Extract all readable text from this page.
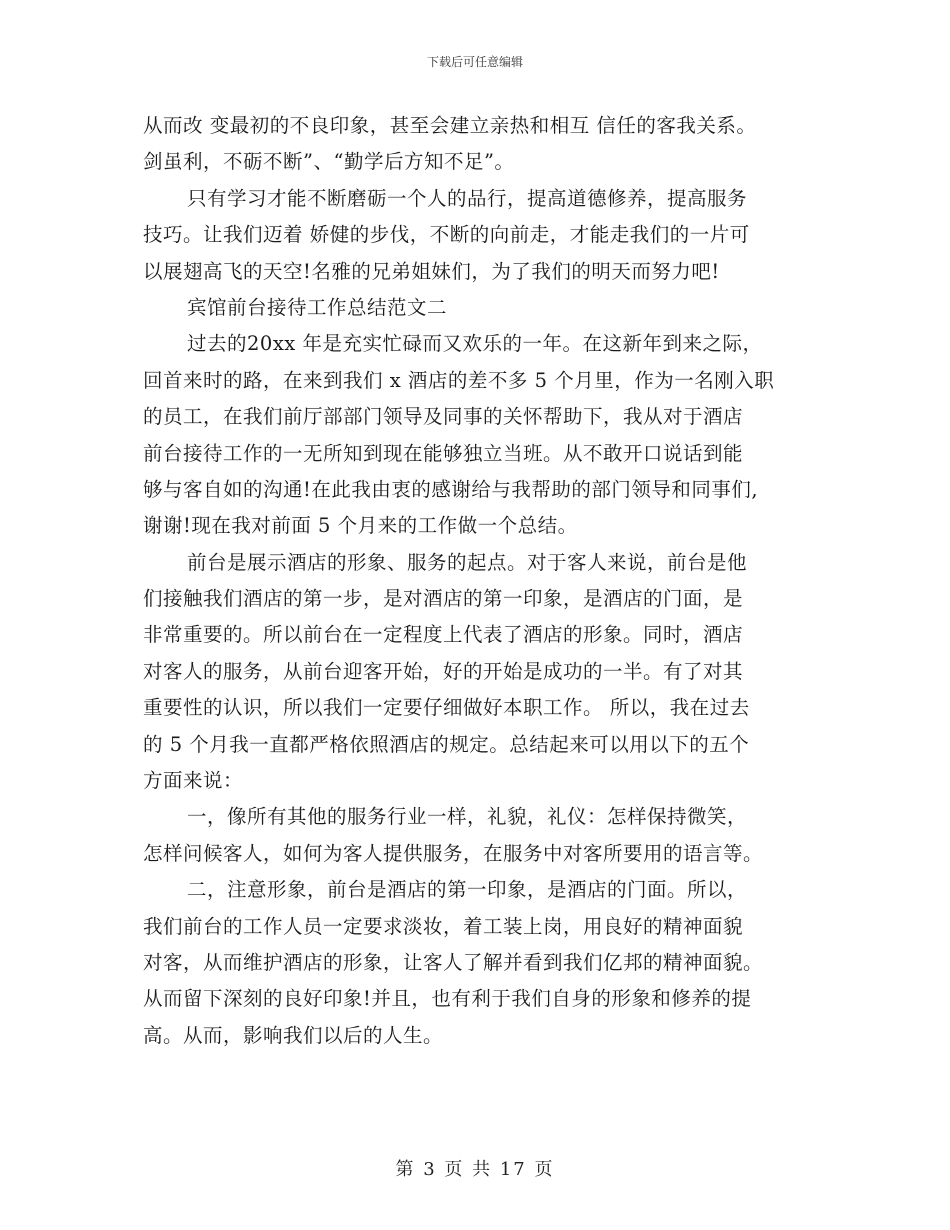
下载后可任意编辑
从而改 变最初的不良印象，甚至会建立亲热和相互 信任的客我关系。
剑虽利，不砺不断”、“勤学后方知不足”。
只有学习才能不断磨砺一个人的品行，提高道德修养，提高服务
技巧。让我们迈着 娇健的步伐，不断的向前走，才能走我们的一片可
以展翅高飞的天空!名雅的兄弟姐妹们，为了我们的明天而努力吧!
宾馆前台接待工作总结范文二
过去的20xx 年是充实忙碌而又欢乐的一年。在这新年到来之际，
回首来时的路，在来到我们 x 酒店的差不多 5 个月里，作为一名刚入职
的员工，在我们前厅部部门领导及同事的关怀帮助下，我从对于酒店
前台接待工作的一无所知到现在能够独立当班。从不敢开口说话到能
够与客自如的沟通!在此我由衷的感谢给与我帮助的部门领导和同事们,
谢谢!现在我对前面 5 个月来的工作做一个总结。
前台是展示酒店的形象、服务的起点。对于客人来说，前台是他
们接触我们酒店的第一步，是对酒店的第一印象，是酒店的门面，是
非常重要的。所以前台在一定程度上代表了酒店的形象。同时，酒店
对客人的服务，从前台迎客开始，好的开始是成功的一半。有了对其
重要性的认识，所以我们一定要仔细做好本职工作。 所以，我在过去
的 5 个月我一直都严格依照酒店的规定。总结起来可以用以下的五个
方面来说：
一，像所有其他的服务行业一样，礼貌，礼仪：怎样保持微笑，
怎样问候客人，如何为客人提供服务，在服务中对客所要用的语言等。
二，注意形象，前台是酒店的第一印象，是酒店的门面。所以，
我们前台的工作人员一定要求淡妆，着工装上岗，用良好的精神面貌
对客，从而维护酒店的形象，让客人了解并看到我们亿邦的精神面貌。
从而留下深刻的良好印象!并且，也有利于我们自身的形象和修养的提
高。从而，影响我们以后的人生。
第 3 页 共 17 页
